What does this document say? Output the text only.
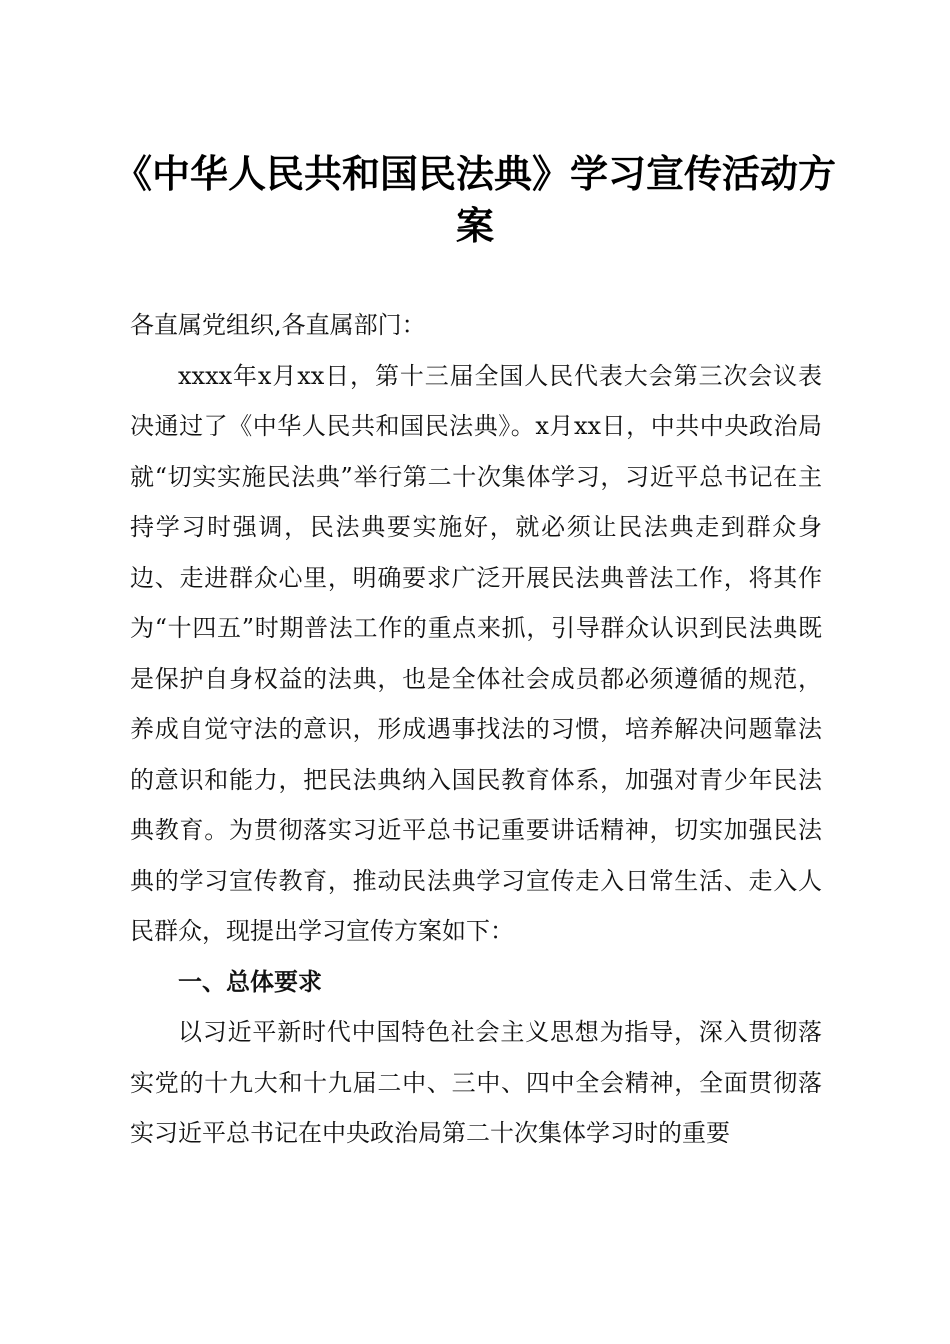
《中华人民共和国民法典》学习宣传活动方案

各直属党组织,各直属部门：

xxxx年x月xx日，第十三届全国人民代表大会第三次会议表决通过了《中华人民共和国民法典》。x月xx日，中共中央政治局就“切实实施民法典”举行第二十次集体学习，习近平总书记在主持学习时强调，民法典要实施好，就必须让民法典走到群众身边、走进群众心里，明确要求广泛开展民法典普法工作，将其作为“十四五”时期普法工作的重点来抓，引导群众认识到民法典既是保护自身权益的法典，也是全体社会成员都必须遵循的规范，养成自觉守法的意识，形成遇事找法的习惯，培养解决问题靠法的意识和能力，把民法典纳入国民教育体系，加强对青少年民法典教育。为贯彻落实习近平总书记重要讲话精神，切实加强民法典的学习宣传教育，推动民法典学习宣传走入日常生活、走入人民群众，现提出学习宣传方案如下：

一、总体要求

以习近平新时代中国特色社会主义思想为指导，深入贯彻落实党的十九大和十九届二中、三中、四中全会精神，全面贯彻落实习近平总书记在中央政治局第二十次集体学习时的重要
